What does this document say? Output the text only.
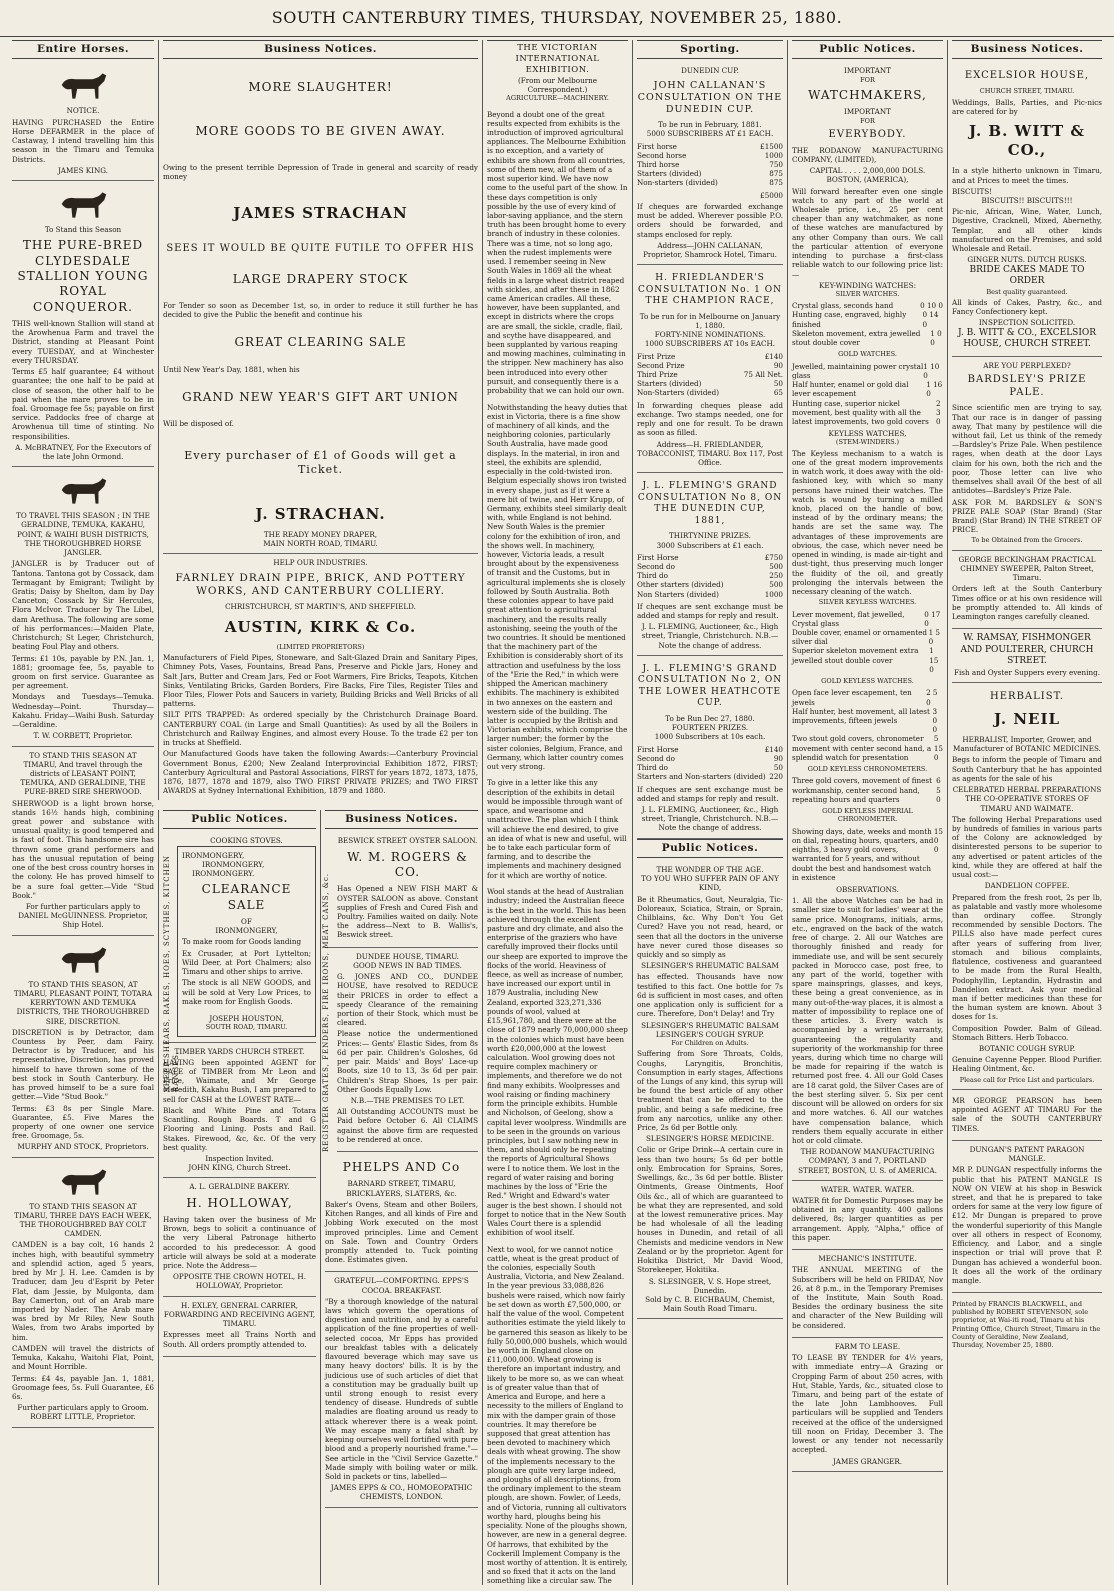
SOUTH CANTERBURY TIMES, THURSDAY, NOVEMBER 25, 1880.
Entire Horses.
NOTICE.

HAVING PURCHASED the Entire Horse DEFARMER in the place of Castaway, I intend travelling him this season in the Timaru and Temuka Districts.

JAMES KING.
To Stand this Season
THE PURE-BRED CLYDESDALE STALLION YOUNG ROYAL CONQUEROR.

THIS well-known Stallion will stand at the Arowhenua Farm and travel the District, standing at Pleasant Point every TUESDAY, and at Winchester every THURSDAY.

Terms £5 half guarantee; £4 without guarantee; the one half to be paid at close of season, the other half to be paid when the mare proves to be in foal. Groomage fee 5s; payable on first service. Paddocks free of charge at Arowhenua till time of stinting. No responsibilities.

A. McBRATNEY, For the Executors of the late John Ormond.
TO TRAVEL THIS SEASON ; IN THE GERALDINE, TEMUKA, KAKAHU, POINT, & WAIHI BUSH DISTRICTS, THE THOROUGHBRED HORSE JANGLER.

JANGLER is by Traducer out of Tantona. Tantona got by Cossack, dam Termagant by Emigrant; Twilight by Gratis; Daisy by Shelton, dam by Day Canceton; Cossack by Sir Hercules, Flora McIvor. Traducer by The Libel, dam Arethusa. The following are some of his performances:—Maiden Plate, Christchurch; St Leger, Christchurch, beating Foul Play and others.

Terms: £1 10s, payable by P.N. Jan. 1, 1881; groomage fee, 5s, payable to groom on first service. Guarantee as per agreement.

Mondays and Tuesdays—Temuka. Wednesday—Point. Thursday—Kakahu. Friday—Waihi Bush. Saturday—Geraldine.

T. W. CORBETT, Proprietor.
TO STAND THIS SEASON AT TIMARU, And travel through the districts of LEASANT POINT, TEMUKA, AND GERALDINE, THE PURE-BRED SIRE SHERWOOD.

SHERWOOD is a light brown horse, stands 16½ hands high, combining great power and substance with unusual quality; is good tempered and is fast of foot. This handsome sire has thrown some grand performers and has the unusual reputation of being one of the best cross country horses in the colony. He has proved himself to be a sure foal getter.—Vide "Stud Book."

For further particulars apply to DANIEL McGUINNESS. Proprietor, Ship Hotel.
TO STAND THIS SEASON, AT TIMARU, PLEASANT POINT, TOTARA KERRYTOWN AND TEMUKA DISTRICTS, THE THOROUGHBRED SIRE, DISCRETION.

DISCRETION is by Detractor, dam Countess by Peer, dam Fairy. Detractor is by Traducer, and his representative, Discretion, has proved himself to have thrown some of the best stock in South Canterbury. He has proved himself to be a sure foal getter.—Vide "Stud Book."

Terms: £3 8s per Single Mare. Guarantee, £5. Five Mares the property of one owner one service free. Groomage, 5s.

MURPHY AND STOCK, Proprietors.
TO STAND THIS SEASON AT TIMARU, THREE DAYS EACH WEEK, THE THOROUGHBRED BAY COLT CAMDEN.

CAMDEN is a bay colt, 16 hands 2 inches high, with beautiful symmetry and splendid action, aged 5 years, bred by Mr J. H. Lee. Camden is by Traducer, dam Jeu d'Esprit by Peter Flat, dam Jessie, by Mulgonta, dam Bay Camerton, out of an Arab mare imported by Nader. The Arab mare was bred by Mr Riley, New South Wales, from two Arabs imported by him.

CAMDEN will travel the districts of Temuka, Kakahu, Waitohi Flat, Point, and Mount Horrible.

Terms: £4 4s, payable Jan. 1, 1881, Groomage fees, 5s. Full Guarantee, £6 6s.

Further particulars apply to Groom. ROBERT LITTLE, Proprietor.
Business Notices.
MORE SLAUGHTER!
MORE GOODS TO BE GIVEN AWAY.

Owing to the present terrible Depression of Trade in general and scarcity of ready money

JAMES STRACHAN
SEES IT WOULD BE QUITE FUTILE TO OFFER HIS
LARGE DRAPERY STOCK

For Tender so soon as December 1st, so, in order to reduce it still further he has decided to give the Public the benefit and continue his

GREAT CLEARING SALE

Until New Year's Day, 1881, when his

GRAND NEW YEAR'S GIFT ART UNION

Will be disposed of.

Every purchaser of £1 of Goods will get a Ticket.
J. STRACHAN.
THE READY MONEY DRAPER,
MAIN NORTH ROAD, TIMARU.
HELP OUR INDUSTRIES.
FARNLEY DRAIN PIPE, BRICK, AND POTTERY WORKS, AND CANTERBURY COLLIERY.
CHRISTCHURCH, ST MARTIN'S, AND SHEFFIELD.
AUSTIN, KIRK & Co.
(LIMITED PROPRIETORS)

Manufacturers of Field Pipes, Stoneware, and Salt-Glazed Drain and Sanitary Pipes, Chimney Pots, Vases, Fountains, Bread Pans, Preserve and Pickle Jars, Honey and Salt Jars, Butter and Cream Jars, Fed or Foot Warmers, Fire Bricks, Teapots, Kitchen Sinks, Ventilating Bricks, Garden Borders, Fire Backs, Fire Tiles, Register Tiles and Floor Tiles, Flower Pots and Saucers in variety, Building Bricks and Well Bricks of all patterns.

SILT PITS TRAPPED: As ordered specially by the Christchurch Drainage Board. CANTERBURY COAL (in Large and Small Quantities): As used by all the Boilers in Christchurch and Railway Engines, and almost every House. To the trade £2 per ton in trucks at Sheffield.

Our Manufactured Goods have taken the following Awards:—Canterbury Provincial Government Bonus, £200; New Zealand Interprovincial Exhibition 1872, FIRST; Canterbury Agricultural and Pastoral Associations, FIRST for years 1872, 1873, 1875, 1876, 1877, 1878 and 1879, also TWO FIRST PRIVATE PRIZES; and TWO FIRST AWARDS at Sydney International Exhibition, 1879 and 1880.

Public Notices.
SHEEP SHEARS, RAKES, HOES, SCYTHES, KITCHEN RANGES,
COOKING STOVES.
IRONMONGERY,
IRONMONGERY,
IRONMONGERY.
CLEARANCE SALE
OF
IRONMONGERY,

To make room for Goods landing

Ex Crusader, at Port Lyttelton; Wild Deer, at Port Chalmers; also Timaru and other ships to arrive.

The stock is all NEW GOODS, and will be sold at Very Low Prices, to make room for English Goods.

JOSEPH HOUSTON,
SOUTH ROAD, TIMARU.
TIMBER YARDS CHURCH STREET.

HAVING been appointed AGENT for SALE of TIMBER from Mr Leon and Price, Waimate, and Mr George Meredith, Kakahu Bush, I am prepared to sell for CASH at the LOWEST RATE—

Black and White Pine and Totara Scantling. Rough Boards. T and G Flooring and Lining. Posts and Rail. Stakes. Firewood, &c, &c. Of the very best quality.

Inspection Invited.
JOHN KING, Church Street.
A. L. GERALDINE BAKERY.
H. HOLLOWAY,

Having taken over the business of Mr Brown, begs to solicit a continuance of the very Liberal Patronage hitherto accorded to his predecessor. A good article will always be sold at a moderate price. Note the Address—

OPPOSITE THE CROWN HOTEL, H. HOLLOWAY, Proprietor.
H. EXLEY, GENERAL CARRIER, FORWARDING AND RECEIVING AGENT, TIMARU.

Expresses meet all Trains North and South. All orders promptly attended to.

Business Notices.
REGISTER GRATES, FENDERS, FIRE IRONS, MEAT CANS, &c.
BESWICK STREET OYSTER SALOON.
W. M. ROGERS & CO.

Has Opened a NEW FISH MART & OYSTER SALOON as above. Constant supplies of Fresh and Cured Fish and Poultry. Families waited on daily. Note the address—Next to B. Wallis's, Beswick street.

DUNDEE HOUSE, TIMARU.
GOOD NEWS IN BAD TIMES.

G. JONES AND CO., DUNDEE HOUSE, have resolved to REDUCE their PRICES in order to effect a speedy Clearance of the remaining portion of their Stock, which must be cleared.

Please notice the undermentioned Prices:— Gents' Elastic Sides, from 8s 6d per pair. Children's Goloshes, 6d per pair. Maids' and Boys' Lace-up Boots, size 10 to 13, 3s 6d per pair. Children's Strap Shoes, 1s per pair. Other Goods Equally Low.

N.B.—THE PREMISES TO LET.

All Outstanding ACCOUNTS must be Paid before October 6. All CLAIMS against the above firm are requested to be rendered at once.

PHELPS AND Co
BARNARD STREET, TIMARU, BRICKLAYERS, SLATERS, &c.

Baker's Ovens, Steam and other Boilers, Kitchen Ranges, and all kinds of Fire and Jobbing Work executed on the most improved principles. Lime and Cement on Sale. Town and Country Orders promptly attended to. Tuck pointing done. Estimates given.

GRATEFUL—COMFORTING. EPPS'S COCOA. BREAKFAST.

"By a thorough knowledge of the natural laws which govern the operations of digestion and nutrition, and by a careful application of the fine properties of well-selected cocoa, Mr Epps has provided our breakfast tables with a delicately flavoured beverage which may save us many heavy doctors' bills. It is by the judicious use of such articles of diet that a constitution may be gradually built up until strong enough to resist every tendency of disease. Hundreds of subtle maladies are floating around us ready to attack wherever there is a weak point. We may escape many a fatal shaft by keeping ourselves well fortified with pure blood and a properly nourished frame."—See article in the "Civil Service Gazette." Made simply with boiling water or milk. Sold in packets or tins, labelled—

JAMES EPPS & CO., HOMOEOPATHIC CHEMISTS, LONDON.
THE VICTORIAN INTERNATIONAL EXHIBITION.
(From our Melbourne Correspondent.)
AGRICULTURE—MACHINERY.

Beyond a doubt one of the great results expected from exhibits is the introduction of improved agricultural appliances. The Melbourne Exhibition is no exception, and a variety of exhibits are shown from all countries, some of them new, all of them of a most superior kind. We have now come to the useful part of the show. In these days competition is only possible by the use of every kind of labor-saving appliance, and the stern truth has been brought home to every branch of industry in these colonies. There was a time, not so long ago, when the rudest implements were used. I remember seeing in New South Wales in 1869 all the wheat fields in a large wheat district reaped with sickles, and after these in 1862 came American cradles. All these, however, have been supplanted, and except in districts where the crops are are small, the sickle, cradle, flail, and scythe have disappeared, and been supplanted by various reaping and mowing machines, culminating in the stripper. New machinery has also been introduced into every other pursuit, and consequently there is a probability that we can hold our own.

Notwithstanding the heavy duties that exist in Victoria, there is a fine show of machinery of all kinds, and the neighboring colonies, particularly South Australia, have made good displays. In the material, in iron and steel, the exhibits are splendid, especially in the cold-twisted iron. Belgium especially shows iron twisted in every shape, just as if it were a mere bit of twine, and Herr Krupp, of Germany, exhibits steel similarly dealt with, while England is not behind. New South Wales is the premier colony for the exhibition of iron, and the shows well. In machinery, however, Victoria leads, a result brought about by the expensiveness of transit and the Customs, but in agricultural implements she is closely followed by South Australia. Both these colonies appear to have paid great attention to agricultural machinery, and the results really astonishing, seeing the youth of the two countries. It should be mentioned that the machinery part of the Exhibition is considerably short of its attraction and usefulness by the loss of the "Erie the Red," in which were shipped the American machinery exhibits. The machinery is exhibited in two annexes on the eastern and western side of the building. The latter is occupied by the British and Victorian exhibits, which comprise the larger number; the former by the sister colonies, Belgium, France, and Germany, which latter country comes out very strong.

To give in a letter like this any description of the exhibits in detail would be impossible through want of space, and wearisome and unattractive. The plan which I think will achieve the end desired, to give an idea of what is new and useful, will be to take each particular form of farming, and to describe the implements and machinery designed for it which are worthy of notice.

Wool stands at the head of Australian industry; indeed the Australian fleece is the best in the world. This has been achieved through the excellent pasture and dry climate, and also the enterprise of the graziers who have carefully improved their flocks until our sheep are exported to improve the flocks of the world. Heaviness of fleece, as well as increase of number, have increased our export until in 1879 Australia, including New Zealand, exported 323,271,336 pounds of wool, valued at £15,961,780, and there were at the close of 1879 nearly 70,000,000 sheep in the colonies which must have been worth £20,000,000 at the lowest calculation. Wool growing does not require complex machinery or implements, and therefore we do not find many exhibits. Woolpresses and wool raising or finding machinery form the principle exhibits. Humble and Nicholson, of Geelong, show a capital lever woolpress. Windmills are to be seen in the grounds on various principles, but I saw nothing new in them, and should only be repeating the reports of Agricultural Shows were I to notice them. We lost in the regard of water raising and boring machines by the loss of "Erie the Red." Wright and Edward's water auger is the best shown. I should not forget to notice that in the New South Wales Court there is a splendid exhibition of wool itself.

Next to wool, for we cannot notice cattle, wheat is the great product of the colonies, especially South Australia, Victoria, and New Zealand. In the year previous 33,088,826 bushels were raised, which now fairly be set down as worth £7,500,000, or half the value of the wool. Competent authorities estimate the yield likely to be garnered this season as likely to be fully 50,000,000 bushels, which would be worth in England close on £11,000,000. Wheat growing is therefore an important industry, and likely to be more so, as we can wheat is of greater value than that of America and Europe, and here a necessity to the millers of England to mix with the damper grain of those countries. It may therefore be supposed that great attention has been devoted to machinery which deals with wheat growing. The show of the implements necessary to the plough are quite very large indeed, and ploughs of all descriptions, from the ordinary implement to the steam plough, are shown. Fowler, of Leeds, and of Victoria, running all cultivators worthy hard, ploughs being his speciality. None of the ploughs shown, however, are new in a general degree. Of harrows, that exhibited by the Cockerill Implement Company is the most worthy of attention. It is entirely, and so fixed that it acts on the land something like a circular saw. The

Sporting.
DUNEDIN CUP.
JOHN CALLANAN'S CONSULTATION ON THE DUNEDIN CUP.
To be run in February, 1881.
5000 SUBSCRIBERS AT £1 EACH.
First horse	£1500
Second horse	1000
Third horse	750
Starters (divided)	875
Non-starters (divided)	875
£5000

If cheques are forwarded exchange must be added. Wherever possible P.O. orders should be forwarded, and stamps enclosed for reply.

Address—JOHN CALLANAN, Proprietor, Shamrock Hotel, Timaru.
H. FRIEDLANDER'S CONSULTATION No. 1 ON THE CHAMPION RACE,
To be run for in Melbourne on January 1, 1880.
FORTY-NINE NOMINATIONS.
1000 SUBSCRIBERS AT 10s EACH.
First Prize	£140
Second Prize	90
Third Prize	75 All Net.
Starters (divided)	50
Non-Starters (divided)	65

In forwarding cheques please add exchange. Two stamps needed, one for reply and one for result. To be drawn as soon as filled.

Address—H. FRIEDLANDER, TOBACCONIST, TIMARU. Box 117, Post Office.
J. L. FLEMING'S GRAND CONSULTATION No 8, ON THE DUNEDIN CUP, 1881,
THIRTYNINE PRIZES.
3000 Subscribers at £1 each.
First Horse	£750
Second do	500
Third do	250
Other starters (divided)	500
Non Starters (divided)	1000

If cheques are sent exchange must be added and stamps for reply and result.

J. L. FLEMING, Auctioneer, &c., High street, Triangle, Christchurch. N.B.—Note the change of address.
J. L. FLEMING'S GRAND CONSULTATION No 2, ON THE LOWER HEATHCOTE CUP.
To be Run Dec 27, 1880.
FOURTEEN PRIZES.
1000 Subscribers at 10s each.
First Horse	£140
Second do	90
Third do	50
Starters and Non-starters (divided) 220

If cheques are sent exchange must be added and stamps for reply and result.

J. L. FLEMING, Auctioneer, &c., High street, Triangle, Christchurch. N.B.—Note the change of address.
Public Notices.
THE WONDER OF THE AGE.
TO YOU WHO SUFFER PAIN OF ANY KIND,

Be it Rheumatics, Gout, Neuralgia, Tic-Doloreaux, Sciatica, Strain, or Sprain, Chilblains, &c. Why Don't You Get Cured? Have you not read, heard, or seen that all the doctors in the universe have never cured those diseases so quickly and so simply as

SLESINGER'S RHEUMATIC BALSAM

has effected. Thousands have now testified to this fact. One bottle for 7s 6d is sufficient in most cases, and often one application only is sufficient for a cure. Therefore, Don't Delay! and Try

SLESINGER'S RHEUMATIC BALSAM
LESINGER'S COUGH SYRUP.
For Children on Adults.

Suffering from Sore Throats, Colds, Coughs, Laryngitis, Bronchitis, Consumption in early stages, Affections of the Lungs of any kind, this syrup will be found the best article of any other treatment that can be offered to the public, and being a safe medicine, free from any narcotics, unlike any other. Price, 2s 6d per Bottle only.

SLESINGER'S HORSE MEDICINE.

Colic or Gripe Drink—A certain cure in less than two hours; 5s 6d per bottle only. Embrocation for Sprains, Sores, Swellings, &c., 3s 6d per bottle. Blister Ointments, Grease Ointments, Hoof Oils &c., all of which are guaranteed to be what they are represented, and sold at the lowest remunerative prices. May be had wholesale of all the leading houses in Dunedin, and retail of all Chemists and medicine vendors in New Zealand or by the proprietor. Agent for Hokitika District, Mr David Wood, Storekeeper, Hokitika.

S. SLESINGER, V. S. Hope street, Dunedin.
Sold by C. B. EICHBAUM, Chemist, Main South Road Timaru.
Public Notices.
IMPORTANT
FOR
WATCHMAKERS,
IMPORTANT
FOR
EVERYBODY.

THE RODANOW MANUFACTURING COMPANY, (LIMITED),

CAPITAL . . . . 2,000,000 DOLS.
BOSTON, (AMERICA),

Will forward hereafter even one single watch to any part of the world at Wholesale price, i.e., 25 per cent cheaper than any watchmaker, as none of these watches are manufactured by any other Company than ours. We call the particular attention of everyone intending to purchase a first-class reliable watch to our following price list:—

KEY-WINDING WATCHES:
SILVER WATCHES.
Crystal glass, seconds hand	0 10 0
Hunting case, engraved, highly finished
0 14 0
Skeleton movement, extra jewelled stout double cover
1 0 0
GOLD WATCHES.
Jewelled, maintaining power crystal glass
1 10 0
Half hunter, enamel or gold dial lever escapement
1 16 0
Hunting case, superior nickel movement, best quality with all the latest improvements, two gold covers
2 3 0
KEYLESS WATCHES,
(STEM-WINDERS.)

The Keyless mechanism to a watch is one of the great modern improvements in watch work, it does away with the old-fashioned key, with which so many persons have ruined their watches. The watch is wound by turning a milled knob, placed on the handle of bow, instead of by the ordinary means; the hands are set the same way. The advantages of these improvements are obvious, the case, which never need be opened in winding, is made air-tight and dust-tight, thus preserving much longer the fluidity of the oil, and greatly prolonging the intervals between the necessary cleaning of the watch.

SILVER KEYLESS WATCHES.
Lever movement, flat jewelled, Crystal glass
0 17 0
Double cover, enamel or ornamented silver dial
1 5 0
Superior skeleton movement extra jewelled stout double cover
1 15 0
GOLD KEYLESS WATCHES.
Open face lever escapement, ten jewels
2 5 0
Half hunter, best movement, all latest improvements, fifteen jewels
3 0 0
Two stout gold covers, chronometer movement with center second hand, a splendid watch for presentation
5 15 0
GOLD KEYLESS CHRONOMETERS.
Three gold covers, movement of finest workmanship, center second hand, repeating hours and quarters
6 5 0
GOLD KEYLESS IMPERIAL CHRONOMETER.
Showing days, date, weeks and month on dial, repeating hours, quarters, and eighths, 3 heavy gold covers, warranted for 5 years, and without doubt the best and handsomest watch in existence
15 0 0
OBSERVATIONS.

1. All the above Watches can be had in smaller size to suit for ladies' wear at the same price. Monograms, initials, arms, etc., engraved on the back of the watch free of charge. 2. All our Watches are thoroughly finished and ready for immediate use, and will be sent securely packed in Morocco case, post free, to any part of the world, together with spare mainsprings, glasses, and keys, these being a great convenience, as in many out-of-the-way places, it is almost a matter of impossibility to replace one of these articles. 3. Every watch is accompanied by a written warranty, guaranteeing the regularity and superiority of the workmanship for three years, during which time no charge will be made for repairing if the watch is returned post free. 4. All our Gold Cases are 18 carat gold, the Silver Cases are of the best sterling silver. 5. Six per cent discount will be allowed on orders for six and more watches. 6. All our watches have compensation balance, which renders them equally accurate in either hot or cold climate.

THE RODANOW MANUFACTURING COMPANY, 3 and 7, PORTLAND STREET, BOSTON, U. S. of AMERICA.
WATER. WATER. WATER.

WATER fit for Domestic Purposes may be obtained in any quantity. 400 gallons delivered, 8s; larger quantities as per arrangement. Apply, "Alpha," office of this paper.

MECHANIC'S INSTITUTE.

THE ANNUAL MEETING of the Subscribers will be held on FRIDAY, Nov 26, at 8 p.m., in the Temporary Premises of the Institute, Main South Road. Besides the ordinary business the site and character of the New Building will be considered.

FARM TO LEASE.

TO LEASE BY TENDER for 4½ years, with immediate entry—A Grazing or Cropping Farm of about 250 acres, with Hut, Stable, Yards, &c., situated close to Timaru, and being part of the estate of the late John Lambhooves. Full particulars will be supplied and Tenders received at the office of the undersigned till noon on Friday, December 3. The lowest or any tender not necessarily accepted.

JAMES GRANGER.
Business Notices.
EXCELSIOR HOUSE,
CHURCH STREET, TIMARU.

Weddings, Balls, Parties, and Pic-nics are catered for by

J. B. WITT & CO.,

In a style hitherto unknown in Timaru, and at Prices to meet the times.

BISCUITS!
BISCUITS!! BISCUITS!!!

Pic-nic, African, Wine, Water, Lunch, Digestive, Cracknell, Mixed, Abernethy, Templar, and all other kinds manufactured on the Premises, and sold Wholesale and Retail.

GINGER NUTS. DUTCH RUSKS.
BRIDE CAKES MADE TO ORDER
Best quality guaranteed.

All kinds of Cakes, Pastry, &c., and Fancy Confectionery kept.

INSPECTION SOLICITED.
J. B. WITT & CO., EXCELSIOR HOUSE, CHURCH STREET.
ARE YOU PERPLEXED?
BARDSLEY'S PRIZE PALE.

Since scientific men are trying to say, That our race is in danger of passing away, That many by pestilence will die without fail, Let us think of the remedy—Bardsley's Prize Pale. When pestilence rages, when death at the door Lays claim for his own, both the rich and the poor, Those letter can live who themselves shall avail Of the best of all antidotes—Bardsley's Prize Pale.

ASK FOR M. BARDSLEY & SON'S PRIZE PALE SOAP (Star Brand) (Star Brand) (Star Brand) IN THE STREET OF PRICE.

To be Obtained from the Grocers.
GEORGE BECKINGHAM PRACTICAL CHIMNEY SWEEPER, Palton Street, Timaru.

Orders left at the South Canterbury Times office or at his own residence will be promptly attended to. All kinds of Leamington ranges carefully cleaned.

W. RAMSAY, FISHMONGER AND POULTERER, CHURCH STREET.
Fish and Oyster Suppers every evening.
HERBALIST.
J. NEIL
HERBALIST, Importer, Grower, and Manufacturer of BOTANIC MEDICINES.

Begs to inform the people of Timaru and South Canterbury that he has appointed as agents for the sale of his

CELEBRATED HERBAL PREPARATIONS
THE CO-OPERATIVE STORES OF TIMARU AND WAIMATE.

The following Herbal Preparations used by hundreds of families in various parts of the Colony are acknowledged by disinterested persons to be superior to any advertised or patent articles of the kind, while they are offered at half the usual cost:—

DANDELION COFFEE.

Prepared from the fresh root, 2s per lb, as palatable and vastly more wholesome than ordinary coffee. Strongly recommended by sensible Doctors. The PILLS also have made perfect cures after years of suffering from liver, stomach and bilious complaints, flatulence, costiveness and guaranteed to be made from the Rural Health, Podophyllin, Leptandin, Hydrastin and Dandelion extract. Ask your medical man if better medicines than these for the human system are known. About 3 doses for 1s.

Composition Powder. Balm of Gilead. Stomach Bitters. Herb Tobacco.

BOTANIC COUGH SYRUP.

Genuine Cayenne Pepper. Blood Purifier. Healing Ointment, &c.

Please call for Price List and particulars.

MR GEORGE PEARSON has been appointed AGENT AT TIMARU For the sale of the SOUTH CANTERBURY TIMES.

DUNGAN'S PATENT PARAGON MANGLE.

MR P. DUNGAN respectfully informs the public that his PATENT MANGLE IS NOW ON VIEW at his shop in Beswick street, and that he is prepared to take orders for same at the very low figure of £12. Mr Dungan is prepared to prove the wonderful superiority of this Mangle over all others in respect of Economy, Efficiency, and Labor, and a single inspection or trial will prove that P. Dungan has achieved a wonderful boon. It does all the work of the ordinary mangle.

Printed by FRANCIS BLACKWELL, and published by ROBERT STEVENSON, sole proprietor, at Wai-iti road, Timaru at his Printing Office, Church Street, Timaru in the County of Geraldine, New Zealand, Thursday, November 25, 1880.
